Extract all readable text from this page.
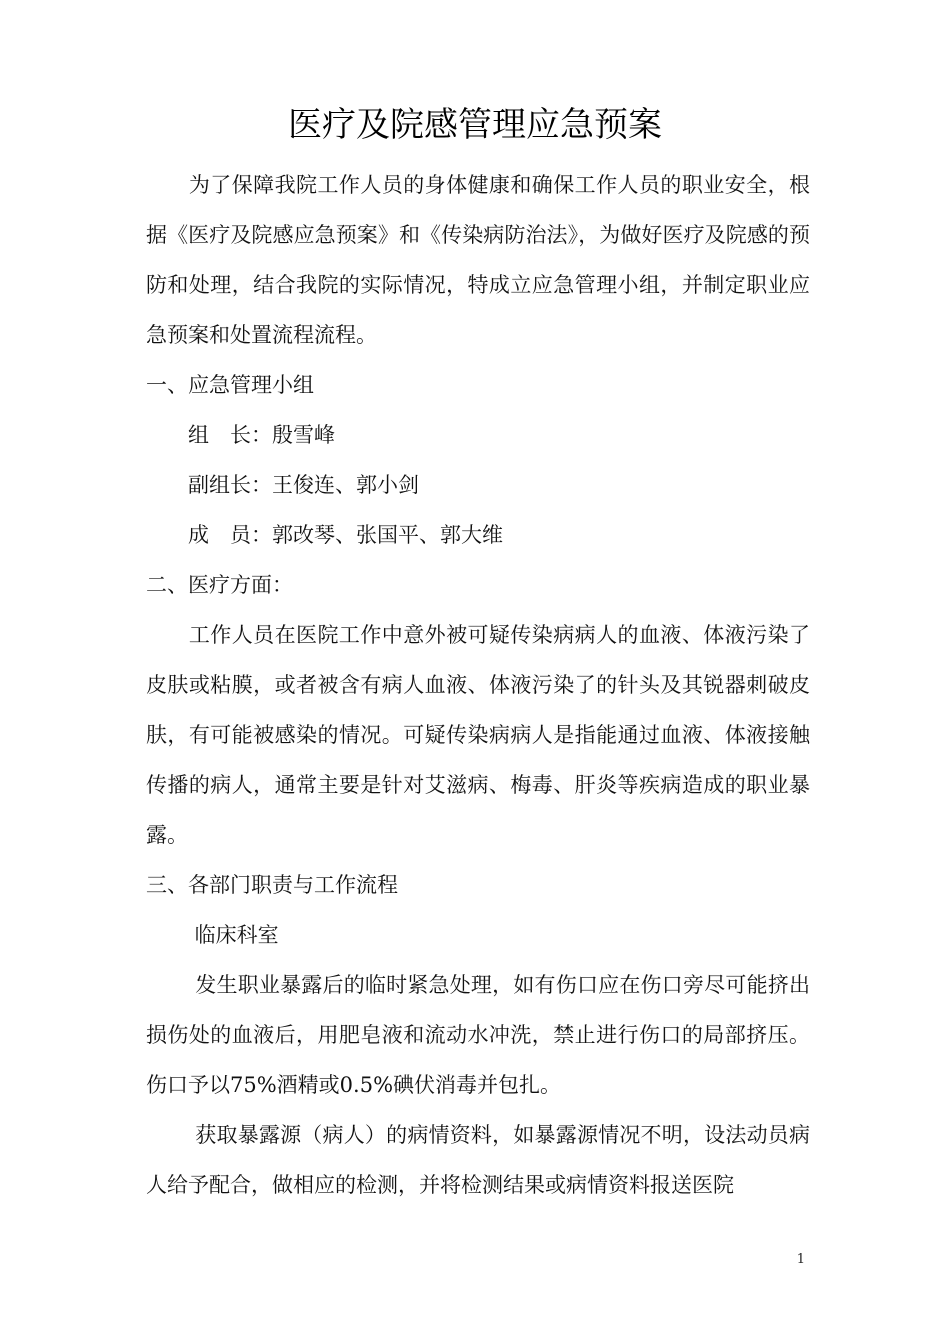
医疗及院感管理应急预案

　　为了保障我院工作人员的身体健康和确保工作人员的职业安全，根据《医疗及院感应急预案》和《传染病防治法》，为做好医疗及院感的预防和处理，结合我院的实际情况，特成立应急管理小组，并制定职业应急预案和处置流程流程。

一、应急管理小组

　　组　长：殷雪峰

　　副组长：王俊连、郭小剑

　　成　员：郭改琴、张国平、郭大维

二、医疗方面：

　　工作人员在医院工作中意外被可疑传染病病人的血液、体液污染了皮肤或粘膜，或者被含有病人血液、体液污染了的针头及其锐器刺破皮肤，有可能被感染的情况。可疑传染病病人是指能通过血液、体液接触传播的病人，通常主要是针对艾滋病、梅毒、肝炎等疾病造成的职业暴露。

三、各部门职责与工作流程

　　 临床科室

　　 发生职业暴露后的临时紧急处理，如有伤口应在伤口旁尽可能挤出损伤处的血液后，用肥皂液和流动水冲洗，禁止进行伤口的局部挤压。伤口予以75%酒精或0.5%碘伏消毒并包扎。

　　 获取暴露源（病人）的病情资料，如暴露源情况不明，设法动员病人给予配合，做相应的检测，并将检测结果或病情资料报送医院

1
